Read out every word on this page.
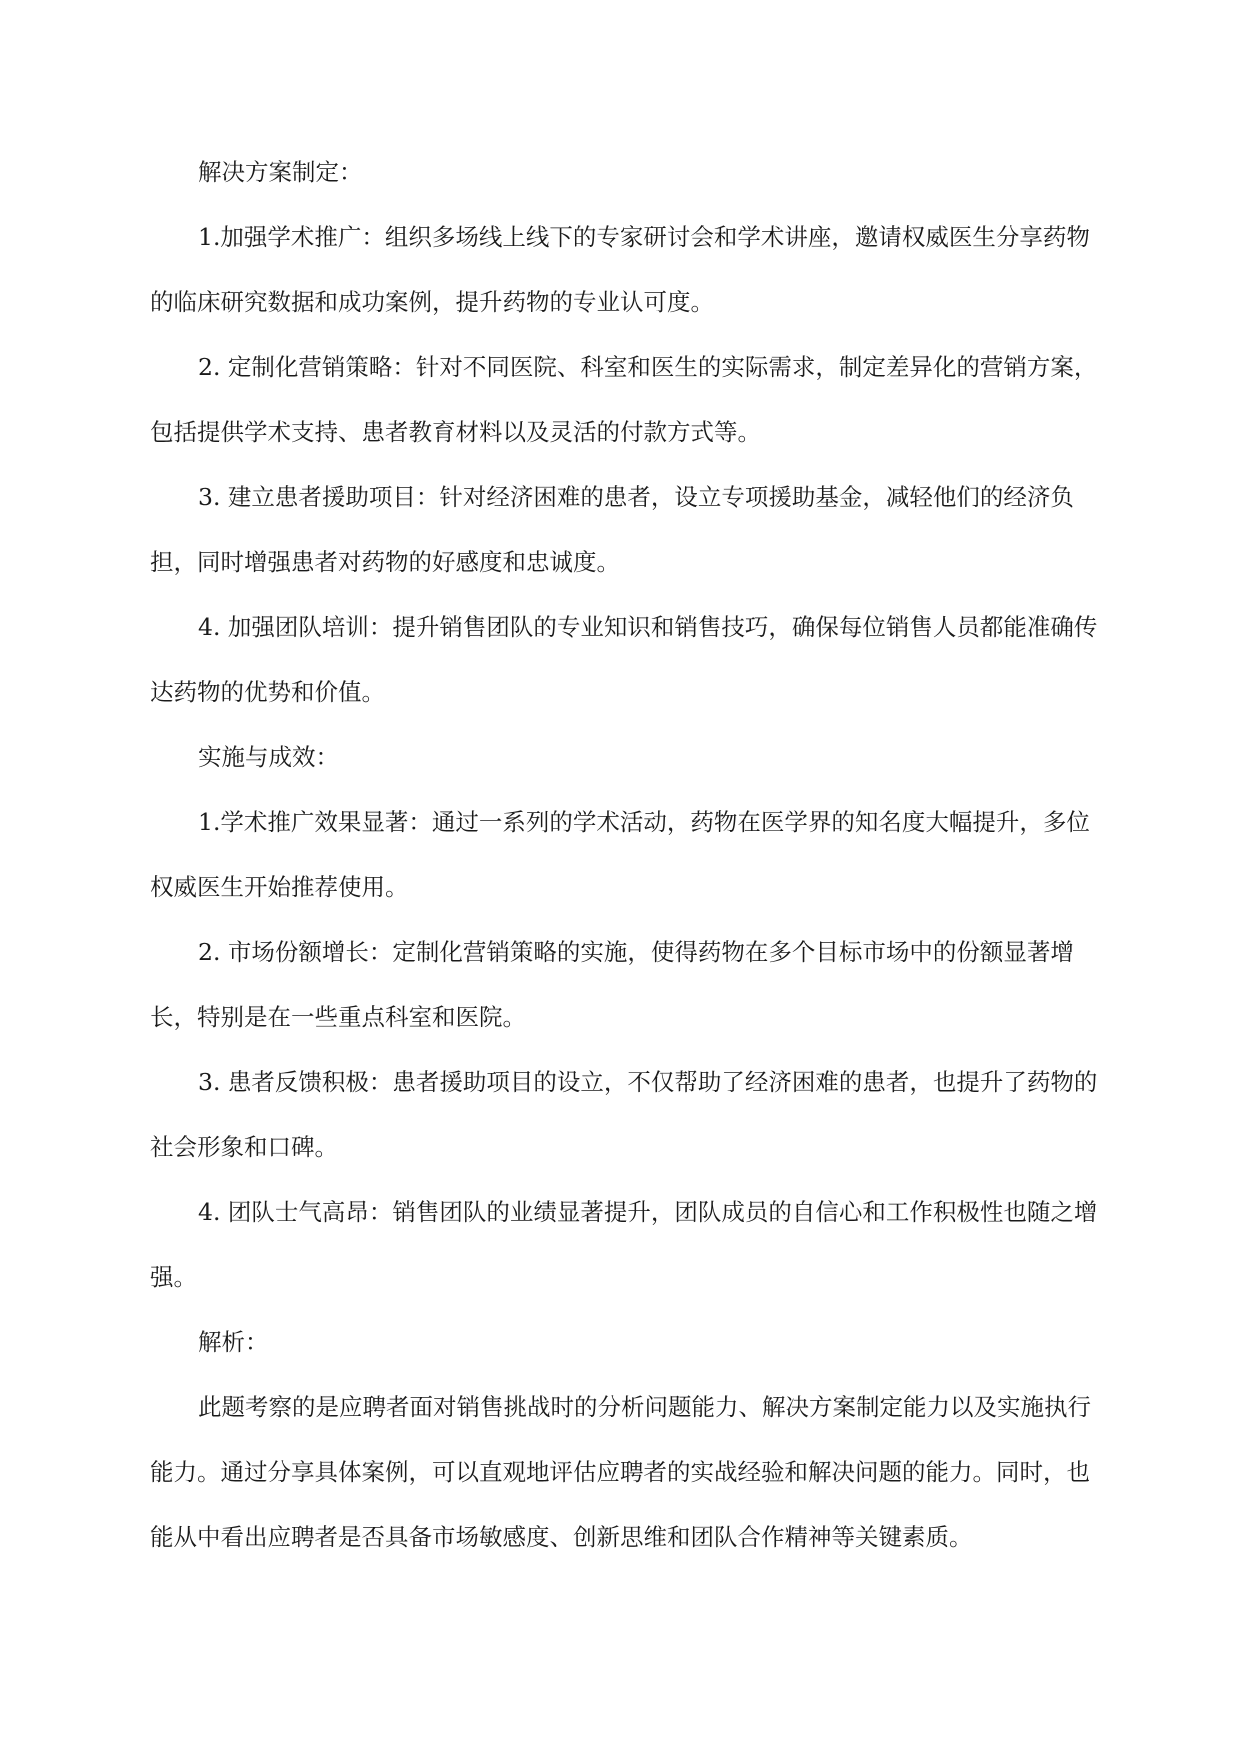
解决方案制定：

1.加强学术推广：组织多场线上线下的专家研讨会和学术讲座，邀请权威医生分享药物的临床研究数据和成功案例，提升药物的专业认可度。

2. 定制化营销策略：针对不同医院、科室和医生的实际需求，制定差异化的营销方案，包括提供学术支持、患者教育材料以及灵活的付款方式等。

3. 建立患者援助项目：针对经济困难的患者，设立专项援助基金，减轻他们的经济负担，同时增强患者对药物的好感度和忠诚度。

4. 加强团队培训：提升销售团队的专业知识和销售技巧，确保每位销售人员都能准确传达药物的优势和价值。

实施与成效：

1.学术推广效果显著：通过一系列的学术活动，药物在医学界的知名度大幅提升，多位权威医生开始推荐使用。

2. 市场份额增长：定制化营销策略的实施，使得药物在多个目标市场中的份额显著增长，特别是在一些重点科室和医院。

3. 患者反馈积极：患者援助项目的设立，不仅帮助了经济困难的患者，也提升了药物的社会形象和口碑。

4. 团队士气高昂：销售团队的业绩显著提升，团队成员的自信心和工作积极性也随之增强。

解析：

此题考察的是应聘者面对销售挑战时的分析问题能力、解决方案制定能力以及实施执行能力。通过分享具体案例，可以直观地评估应聘者的实战经验和解决问题的能力。同时，也能从中看出应聘者是否具备市场敏感度、创新思维和团队合作精神等关键素质。
